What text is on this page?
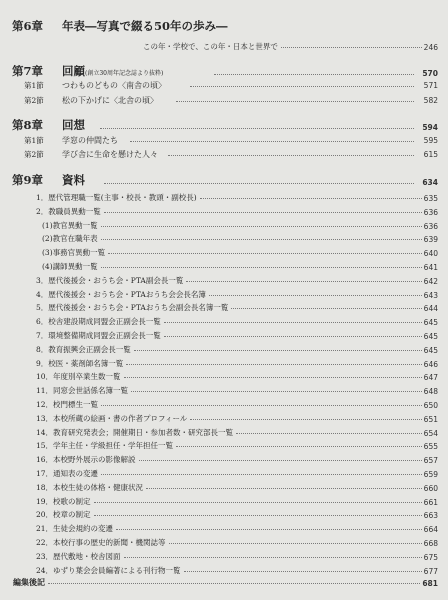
第6章 年表―写真で綴る50年の歩み―
この年・学校で、この年・日本と世界で	246
第7章 回顧(創立30周年記念誌より抜粋)	570
第1節 つわものどもの〈南舎の頃〉	571
第2節 松の下かげに〈北舎の頃〉	582
第8章 回想	594
第1節 学窓の仲間たち	595
第2節 学び舎に生命を懸けた人々	615
第9章 資料	634
1．歴代管理職一覧(主事・校長・教頭・副校長)	635
2．教職員異動一覧	636
(1)教官異動一覧	636
(2)教官在職年表	639
(3)事務官異動一覧	640
(4)講師異動一覧	641
3．歴代後援会・おうち会・PTA副会長一覧	642
4．歴代後援会・おうち会・PTAおうち会会長名簿	643
5．歴代後援会・おうち会・PTAおうち会副会長名簿一覧	644
6．校舎建設期成同盟会正副会長一覧	645
7．環境整備期成同盟会正副会長一覧	645
8．教育振興会正副会長一覧	645
9．校医・薬剤師名簿一覧	646
10．年度別卒業生数一覧	647
11．同窓会世話係名簿一覧	648
12．校門標生一覧	650
13．本校所蔵の絵画・書の作者プロフィール	651
14．教育研究発表会；開催期日・参加者数・研究部長一覧	654
15．学年主任・学級担任・学年担任一覧	655
16．本校野外展示の影像解説	657
17．通知表の変遷	659
18．本校生徒の体格・健康状況	660
19．校歌の制定	661
20．校章の制定	663
21．生徒会規約の変遷	664
22．本校行事の歴史的新聞・機関誌等	668
23．歴代敷地・校舎図面	675
24．ゆずり葉会会員編著による刊行物一覧	677
編集後記	681
